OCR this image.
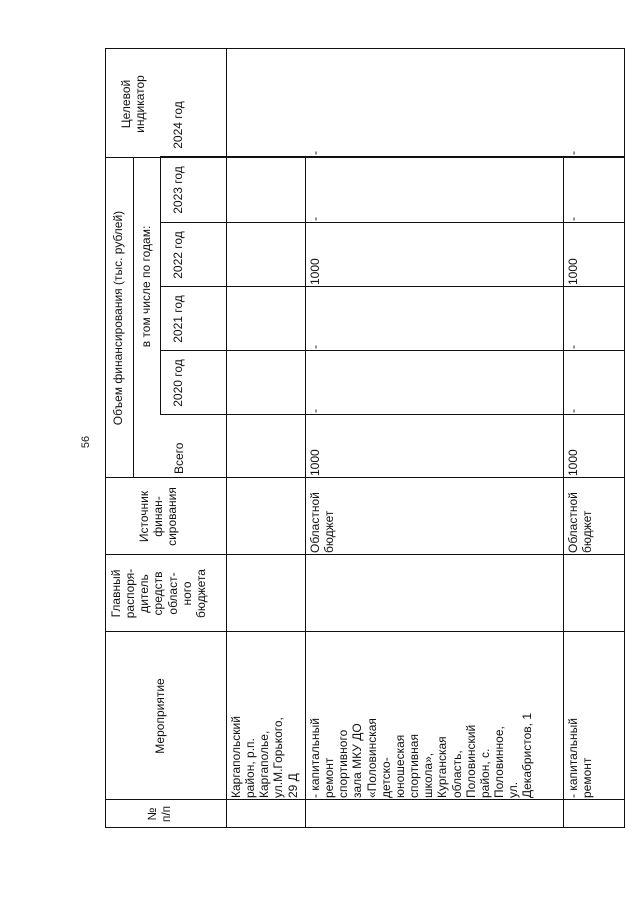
56
№
п/п
Мероприятие
Главный
распоря-
дитель
средств
област-
ного
бюджета
Источник
финан-
сирования
Объем финансирования (тыс. рублей)
Всего
в том числе по годам:
2020 год
2021 год
2022 год
2023 год
2024 год
Целевой
индикатор
Каргапольский
район, р.п.
Каргаполье,
ул.М.Горького,
29 Д
- капитальный
ремонт
спортивного
зала МКУ ДО
«Половинская
детско-
юношеская
спортивная
школа»,
Курганская
область,
Половинский
район, с.
Половинное,
ул.
Декабристов, 1
Областной
бюджет
1000
-
-
1000
-
-
- капитальный
ремонт
Областной
бюджет
1000
-
-
1000
-
-
